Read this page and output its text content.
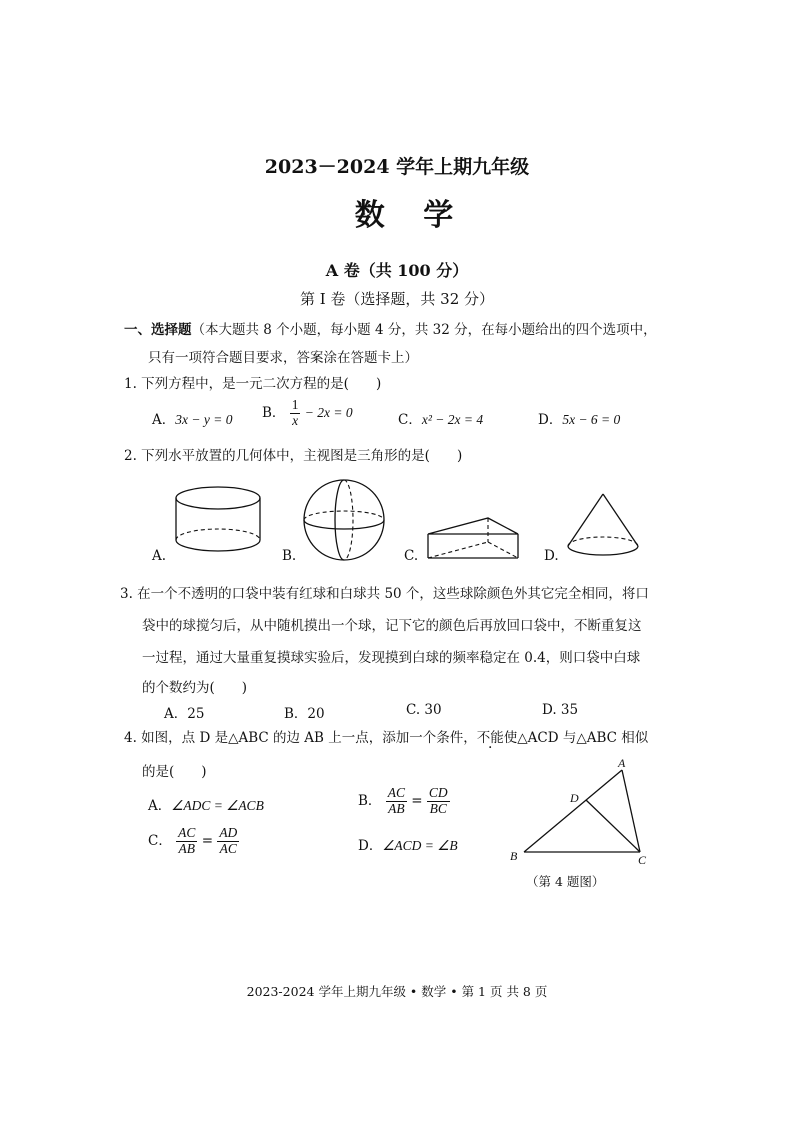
2023－2024 学年上期九年级
数 学
A 卷（共 100 分）
第 Ⅰ 卷（选择题，共 32 分）
一、选择题（本大题共 8 个小题，每小题 4 分，共 32 分，在每小题给出的四个选项中，
只有一项符合题目要求，答案涂在答题卡上）
1. 下列方程中，是一元二次方程的是(　　)
A．3x − y = 0 B． $\frac{1}{x} - 2x = 0$	C．x² − 2x = 4	D．5x − 6 = 0
2. 下列水平放置的几何体中，主视图是三角形的是(　　)
A.	B.	C.	D.
3. 在一个不透明的口袋中装有红球和白球共 50 个，这些球除颜色外其它完全相同，将口
袋中的球搅匀后，从中随机摸出一个球，记下它的颜色后再放回口袋中，不断重复这
一过程，通过大量重复摸球实验后，发现摸到白球的频率稳定在 0.4，则口袋中白球
的个数约为(　　)
A．25	B．20	C. 30	D. 35
4. 如图，点 D 是△ABC 的边 AB 上一点，添加一个条件，不能使△ACD 与△ABC 相似
的是(　　)
A．∠ADC = ∠ACB	B． $\frac{AC}{AB} = \frac{CD}{BC}$
C． $\frac{AC}{AB} = \frac{AD}{AC}$	D．∠ACD = ∠B
A
D
B	C
（第 4 题图）
2023-2024 学年上期九年级 • 数学 • 第 1 页 共 8 页
